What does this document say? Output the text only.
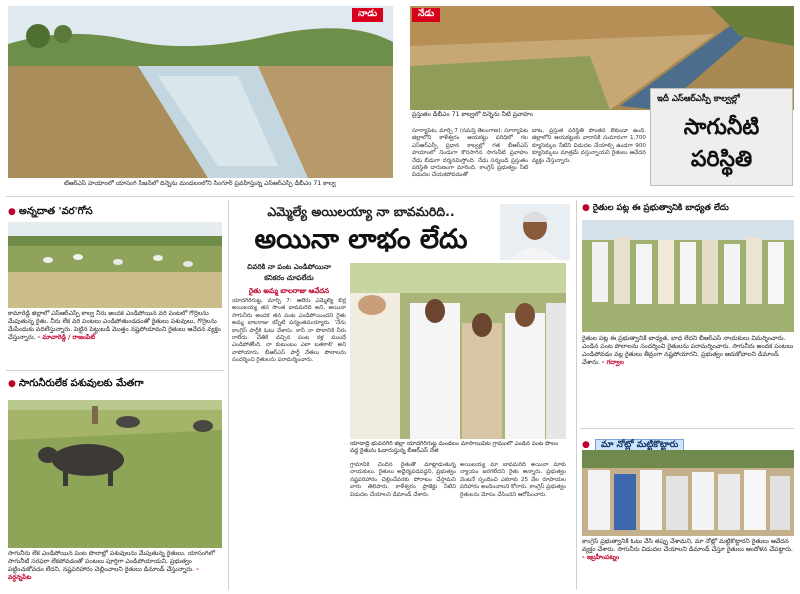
నాడు	నేడు
టీఆర్ఎస్ హయాంలో యాసంగి సీజన్‌లో దిన్నెను మండలంలోని సింగూర్ ప్రవహిస్తున్న ఎస్ఆర్ఎస్పీ డీబీఎం 71 కాల్వ
ప్రస్తుతం డీబీఎం 71 కాల్వలో దిన్నెను నీటి ప్రవాహం
ఇదీ ఎస్ఆర్ఎస్పీ కాల్వల్లో
సాగునీటి
పరిస్థితి
సూర్యాపేట, మార్చి 7 (నమస్తే తెలంగాణ): సూర్యాపేట జిల్లాలోని కాళేశ్వరం ఆయకట్టు పరిధిలో గల ఎస్ఆర్ఎస్పీ ప్రధాన కాల్వల్లో గత బీఆర్ఎస్ హయాంలో నిండుగా కొనసాగిన సాగునీటి ప్రవాహం నేడు బీడుగా దర్శనమిస్తోంది. నేడు సన్నబడి ప్రస్తుతం పరిస్థితి దారుణంగా మారింది. కాంగ్రెస్ ప్రభుత్వం నీటి విడుదల చేయకపోవడంతో
బాట, ప్రస్తుత పరిస్థితి పొంతన లేకుండా ఉంది. జిల్లాలోని ఆయకట్టుకు వారానికి సుమారుగా 1,700 క్యూసెక్కుల నీటిని విడుదల చేయాల్సి ఉండగా 900 క్యూసెక్కులు మాత్రమే వస్తున్నాయని రైతులు ఆవేదన వ్యక్తం చేస్తున్నారు.
● అన్నదాత 'వర'గోస
కామారెడ్డి జిల్లాలో ఎస్ఆర్ఎస్పీ కాల్వ నీరు అందక ఎండిపోయిన వరి పంటలో గొర్రెలను మేపుతున్న రైతు. నీరు లేక వరి పంటలు ఎండిపోతుండడంతో రైతులు పశువులు, గొర్రెలను మేపేందుకు వదిలేస్తున్నారు. పెట్టిన పెట్టుబడి మొత్తం నష్టపోయామని రైతులు ఆవేదన వ్యక్తం చేస్తున్నారు. - మాచారెడ్డి / రాజంపేట్
● సాగునీరులేక పశువులకు మేతగా
సాగునీరు లేక ఎండిపోయిన పంట పొలాల్లో పశువులను మేపుతున్న రైతులు. యాసంగిలో సాగునీటి సరఫరా లేకపోవడంతో పంటలు పూర్తిగా ఎండిపోయాయని, ప్రభుత్వం పట్టించుకోవడం లేదని, నష్టపరిహారం చెల్లించాలని రైతులు డిమాండ్ చేస్తున్నారు. - వర్ధన్నపేట
ఎమ్మెల్యే అయిలయ్యా నా బావమరిది..
అయినా లాభం లేదు
చివరికి నా పంట ఎండిపోయినా
కనికరం చూపలేదు
రైతు అమ్మ బాలరాజు ఆవేదన
యాదగిరిగుట్ట, మార్చి 7: ఆలేరు ఎమ్మెల్యే బీర్ల అయిలయ్య తన సొంత బావమరిది అని, అయినా సాగునీరు అందక తన పంట ఎండిపోయిందని రైతు అమ్మ బాలరాజు కన్నీటి పర్యంతమయ్యారు. 'నేను కాంగ్రెస్ పార్టీకి ఓటు వేశాను. కానీ నా పొలానికి నీరు రాలేదు. చేతికి వచ్చిన పంట కళ్ల ముందే ఎండిపోతోంది. నా కుటుంబం ఎలా బతకాలి' అని వాపోయారు. బీఆర్ఎస్ పార్టీ నేతలు పొలాలను సందర్శించి రైతులను పరామర్శించారు.
యాదాద్రి భువనగిరి జిల్లా యాదగిరిగుట్ట మండలం మాసాయిపేట గ్రామంలో ఎండిన పంట పొలం వద్ద రైతును ఓదారుస్తున్న బీఆర్ఎస్ నేత
గ్రామానికి చెందిన రైతుతో మాట్లాడుతున్న నాయకులు. రైతులు అధైర్యపడవద్దని, ప్రభుత్వం నష్టపరిహారం చెల్లించేవరకు పోరాటం చేస్తామని వారు తెలిపారు. కాళేశ్వరం ప్రాజెక్టు నీటిని విడుదల చేయాలని డిమాండ్ చేశారు.
అయిలయ్య మా బావమరిది అయినా మాకు న్యాయం జరగలేదని రైతు అన్నారు. ప్రభుత్వం వెంటనే స్పందించి ఎకరాకు 25 వేల రూపాయల పరిహారం అందించాలని కోరారు. కాంగ్రెస్ ప్రభుత్వం రైతులను మోసం చేసిందని ఆరోపించారు.
● రైతుల పట్ల ఈ ప్రభుత్వానికి బాధ్యత లేదు
రైతుల పట్ల ఈ ప్రభుత్వానికి బాధ్యత, బాధ లేదని బీఆర్ఎస్ నాయకులు విమర్శించారు. ఎండిన పంట పొలాలను సందర్శించి రైతులను పరామర్శించారు. సాగునీరు అందక పంటలు ఎండిపోవడం వల్ల రైతులు తీవ్రంగా నష్టపోయారని, ప్రభుత్వం ఆదుకోవాలని డిమాండ్ చేశారు. - గద్వాల
● మా నోట్లో మట్టికొట్టారు
కాంగ్రెస్ ప్రభుత్వానికి ఓటు వేసి తప్పు చేశామని, మా నోట్లో మట్టికొట్టారని రైతులు ఆవేదన వ్యక్తం చేశారు. సాగునీరు విడుదల చేయాలని డిమాండ్ చేస్తూ రైతులు ఆందోళన చేపట్టారు. - ఇబ్రహీంపట్నం
